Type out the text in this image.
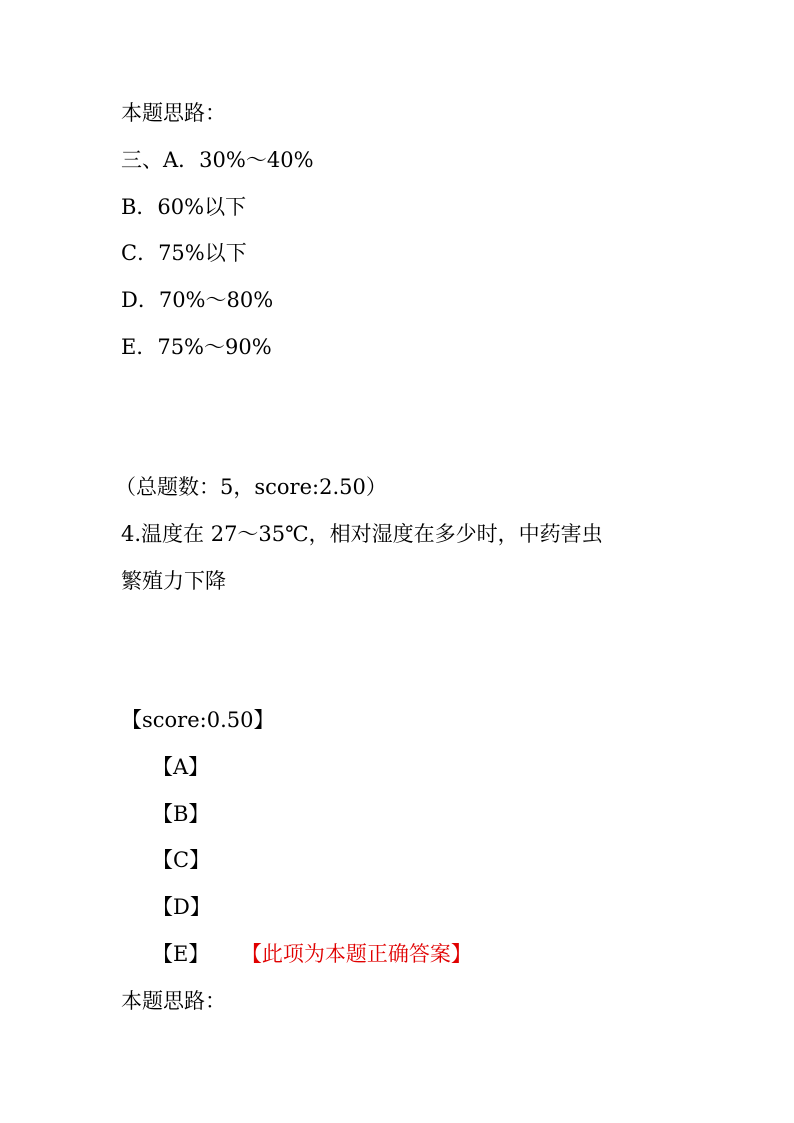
本题思路：
三、A．30%～40%
B．60%以下
C．75%以下
D．70%～80%
E．75%～90%
（总题数：5，score:2.50）
4.温度在 27～35℃，相对湿度在多少时，中药害虫
繁殖力下降
【score:0.50】
【A】
【B】
【C】
【D】
【E】 【此项为本题正确答案】
本题思路：
